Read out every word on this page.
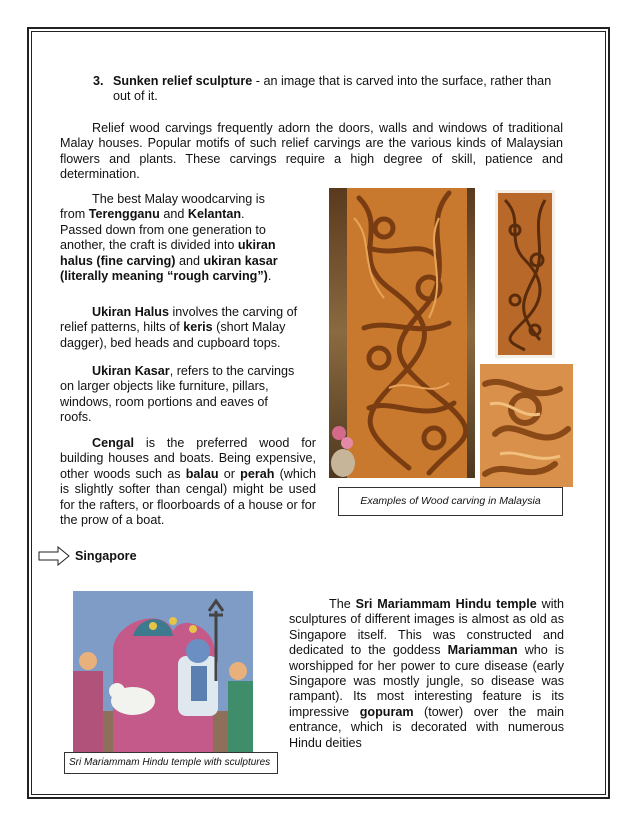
3. Sunken relief sculpture - an image that is carved into the surface, rather than out of it.
Relief wood carvings frequently adorn the doors, walls and windows of traditional Malay houses. Popular motifs of such relief carvings are the various kinds of Malaysian flowers and plants. These carvings require a high degree of skill, patience and determination.
The best Malay woodcarving is from Terengganu and Kelantan. Passed down from one generation to another, the craft is divided into ukiran halus (fine carving) and ukiran kasar (literally meaning “rough carving”).
Ukiran Halus involves the carving of relief patterns, hilts of keris (short Malay dagger), bed heads and cupboard tops.
Ukiran Kasar, refers to the carvings on larger objects like furniture, pillars, windows, room portions and eaves of roofs.
Cengal is the preferred wood for building houses and boats. Being expensive, other woods such as balau or perah (which is slightly softer than cengal) might be used for the rafters, or floorboards of a house or for the prow of a boat.
Examples of Wood carving in Malaysia
Singapore
Sri Mariammam Hindu temple with sculptures
The Sri Mariammam Hindu temple with sculptures of different images is almost as old as Singapore itself. This was constructed and dedicated to the goddess Mariamman who is worshipped for her power to cure disease (early Singapore was mostly jungle, so disease was rampant). Its most interesting feature is its impressive gopuram (tower) over the main entrance, which is decorated with numerous Hindu deities
